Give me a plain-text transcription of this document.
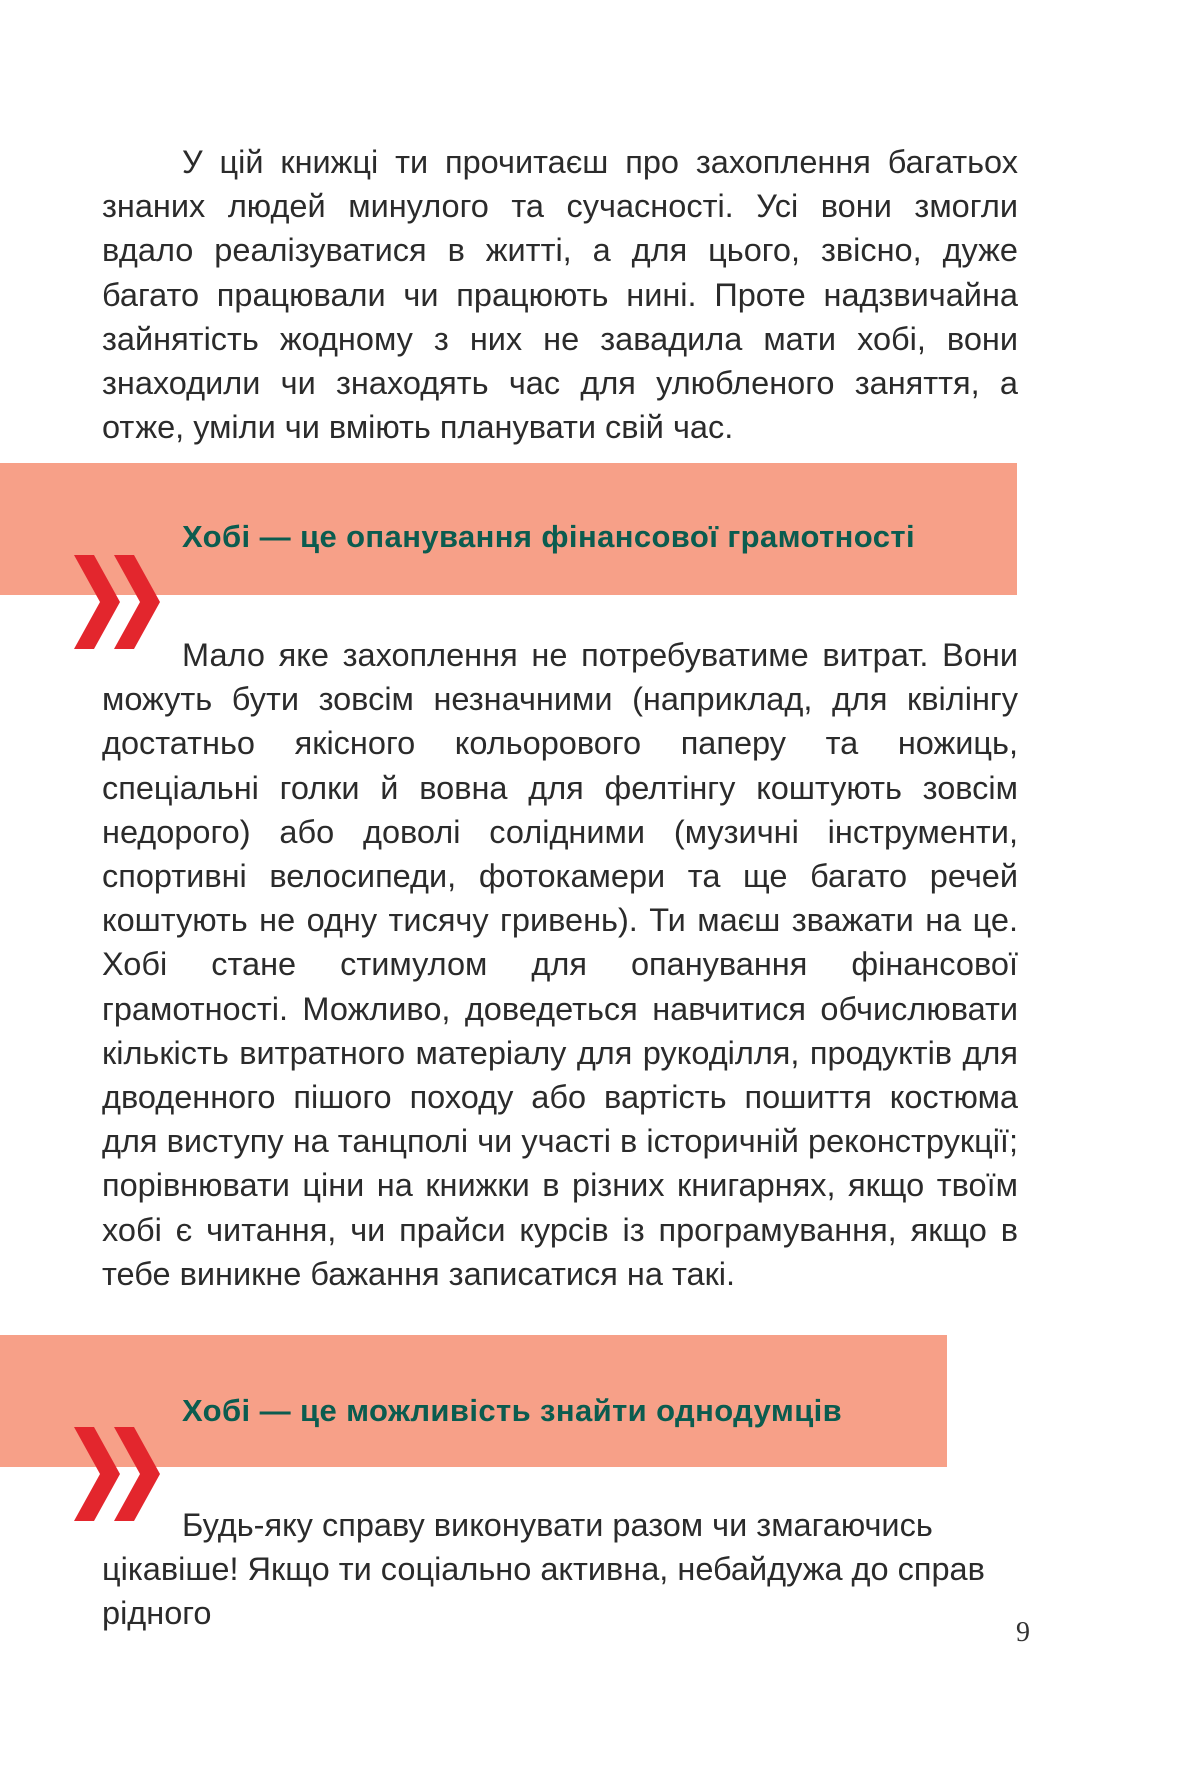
У цій книжці ти прочитаєш про захоплення багатьох знаних людей минулого та сучасності. Усі вони змогли вдало реалізуватися в житті, а для цього, звісно, дуже багато працювали чи працюють нині. Проте надзвичайна зайнятість жодному з них не завадила мати хобі, вони знаходили чи знаходять час для улюбленого заняття, а отже, уміли чи вміють планувати свій час.

Хобі — це опанування фінансової грамотності

Мало яке захоплення не потребуватиме витрат. Вони можуть бути зовсім незначними (наприклад, для квілінгу достатньо якісного кольорового паперу та ножиць, спеціальні голки й вовна для фелтінгу коштують зовсім недорого) або доволі солідними (музичні інструменти, спортивні велосипеди, фотокамери та ще багато речей коштують не одну тисячу гривень). Ти маєш зважати на це. Хобі стане стимулом для опанування фінансової грамотності. Можливо, доведеться навчитися обчислювати кількість витратного матеріалу для рукоділля, продуктів для дводенного пішого походу або вартість пошиття костюма для виступу на танцполі чи участі в історичній реконструкції; порівнювати ціни на книжки в різних книгарнях, якщо твоїм хобі є читання, чи прайси курсів із програмування, якщо в тебе виникне бажання записатися на такі.

Хобі — це можливість знайти однодумців

Будь-яку справу виконувати разом чи змагаючись цікавіше! Якщо ти соціально активна, небайдужа до справ рідного

9
